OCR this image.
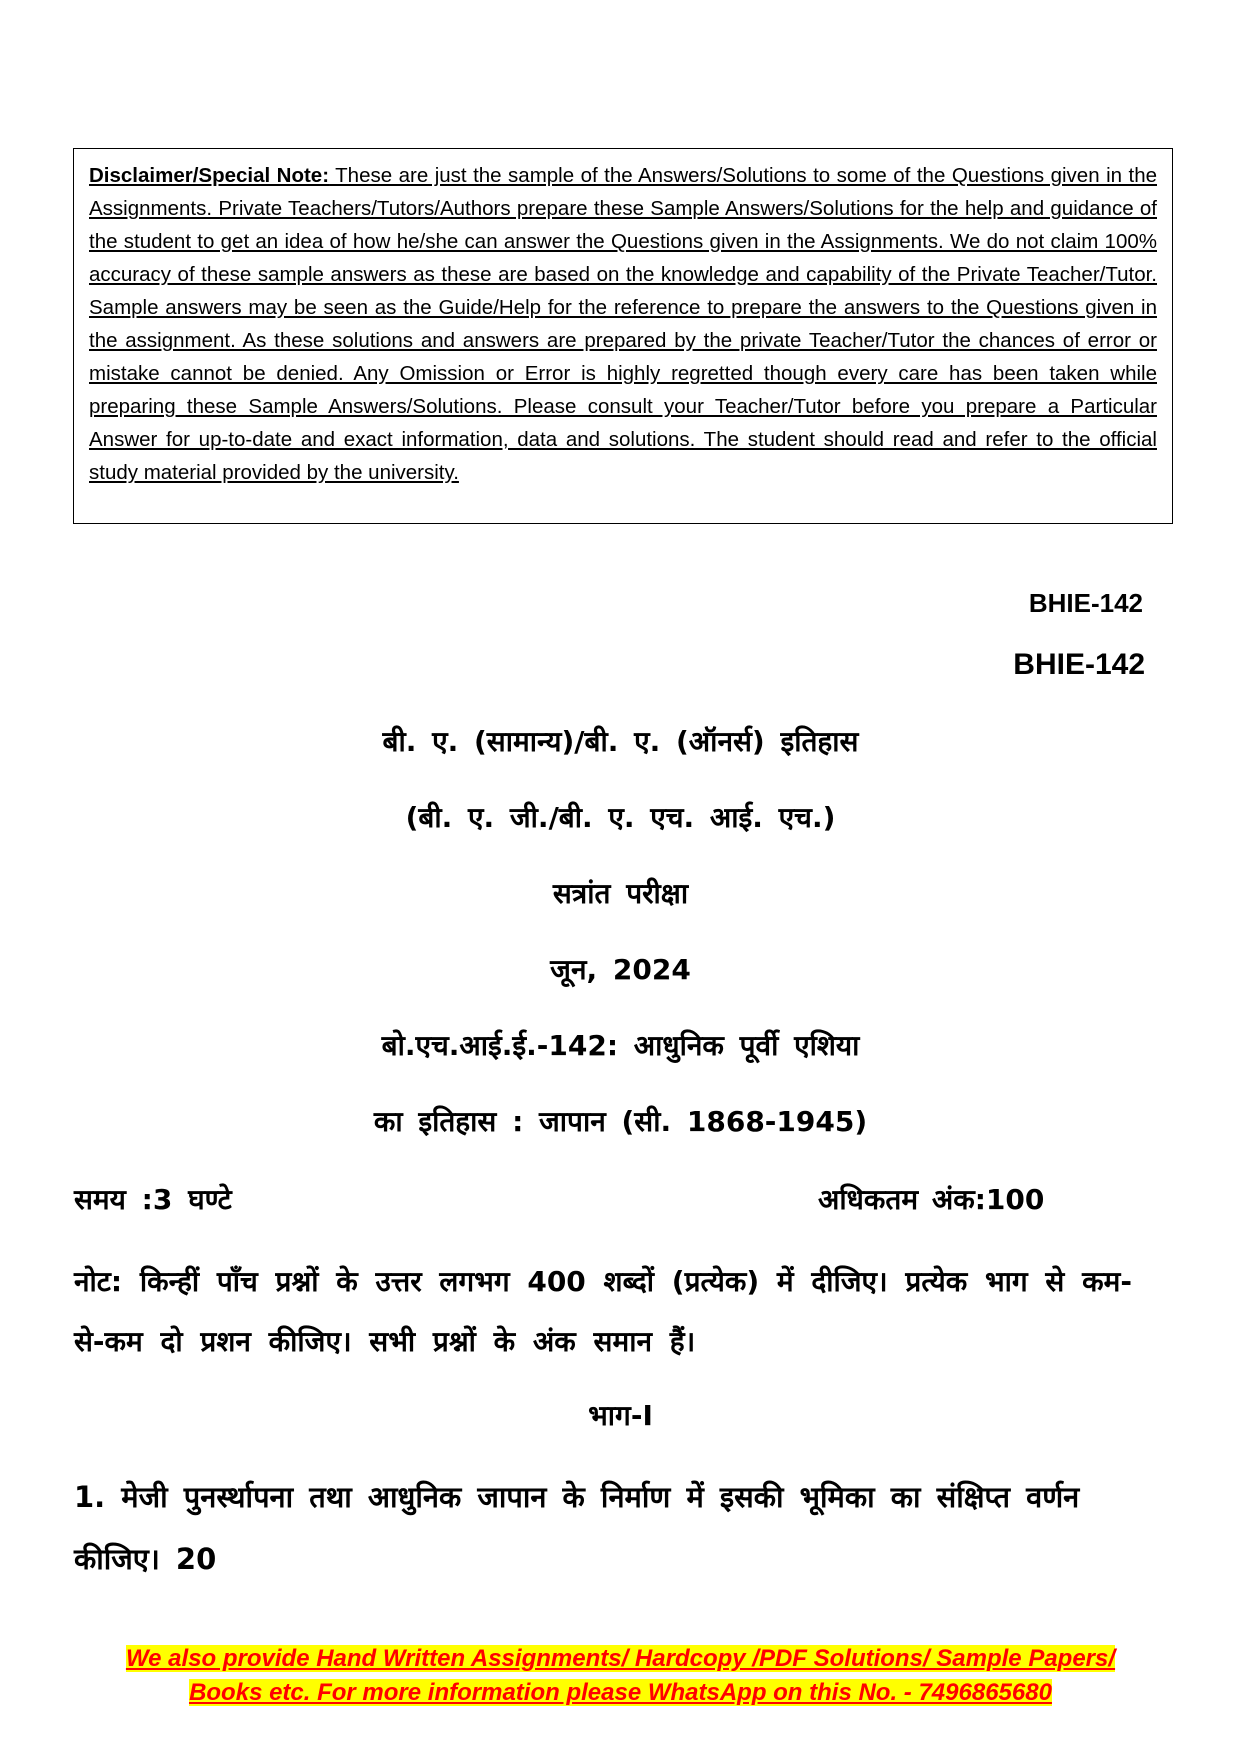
Disclaimer/Special Note: These are just the sample of the Answers/Solutions to some of the Questions given in the Assignments. Private Teachers/Tutors/Authors prepare these Sample Answers/Solutions for the help and guidance of the student to get an idea of how he/she can answer the Questions given in the Assignments. We do not claim 100% accuracy of these sample answers as these are based on the knowledge and capability of the Private Teacher/Tutor. Sample answers may be seen as the Guide/Help for the reference to prepare the answers to the Questions given in the assignment. As these solutions and answers are prepared by the private Teacher/Tutor the chances of error or mistake cannot be denied. Any Omission or Error is highly regretted though every care has been taken while preparing these Sample Answers/Solutions. Please consult your Teacher/Tutor before you prepare a Particular Answer for up-to-date and exact information, data and solutions. The student should read and refer to the official study material provided by the university.
BHIE-142
BHIE-142
बी. ए. (सामान्य)/बी. ए. (ऑनर्स) इतिहास
(बी. ए. जी./बी. ए. एच. आई. एच.)
सत्रांत परीक्षा
जून, 2024
बो.एच.आई.ई.-142: आधुनिक पूर्वी एशिया
का इतिहास : जापान (सी. 1868-1945)
समय :3 घण्टे	अधिकतम अंक:100
नोट: किन्हीं पाँच प्रश्नों के उत्तर लगभग 400 शब्दों (प्रत्येक) में दीजिए। प्रत्येक भाग से कम-से-कम दो प्रशन कीजिए। सभी प्रश्नों के अंक समान हैं।
भाग-I
1. मेजी पुनर्स्थापना तथा आधुनिक जापान के निर्माण में इसकी भूमिका का संक्षिप्त वर्णन कीजिए। 20
We also provide Hand Written Assignments/ Hardcopy /PDF Solutions/ Sample Papers/
Books etc. For more information please WhatsApp on this No. - 7496865680
